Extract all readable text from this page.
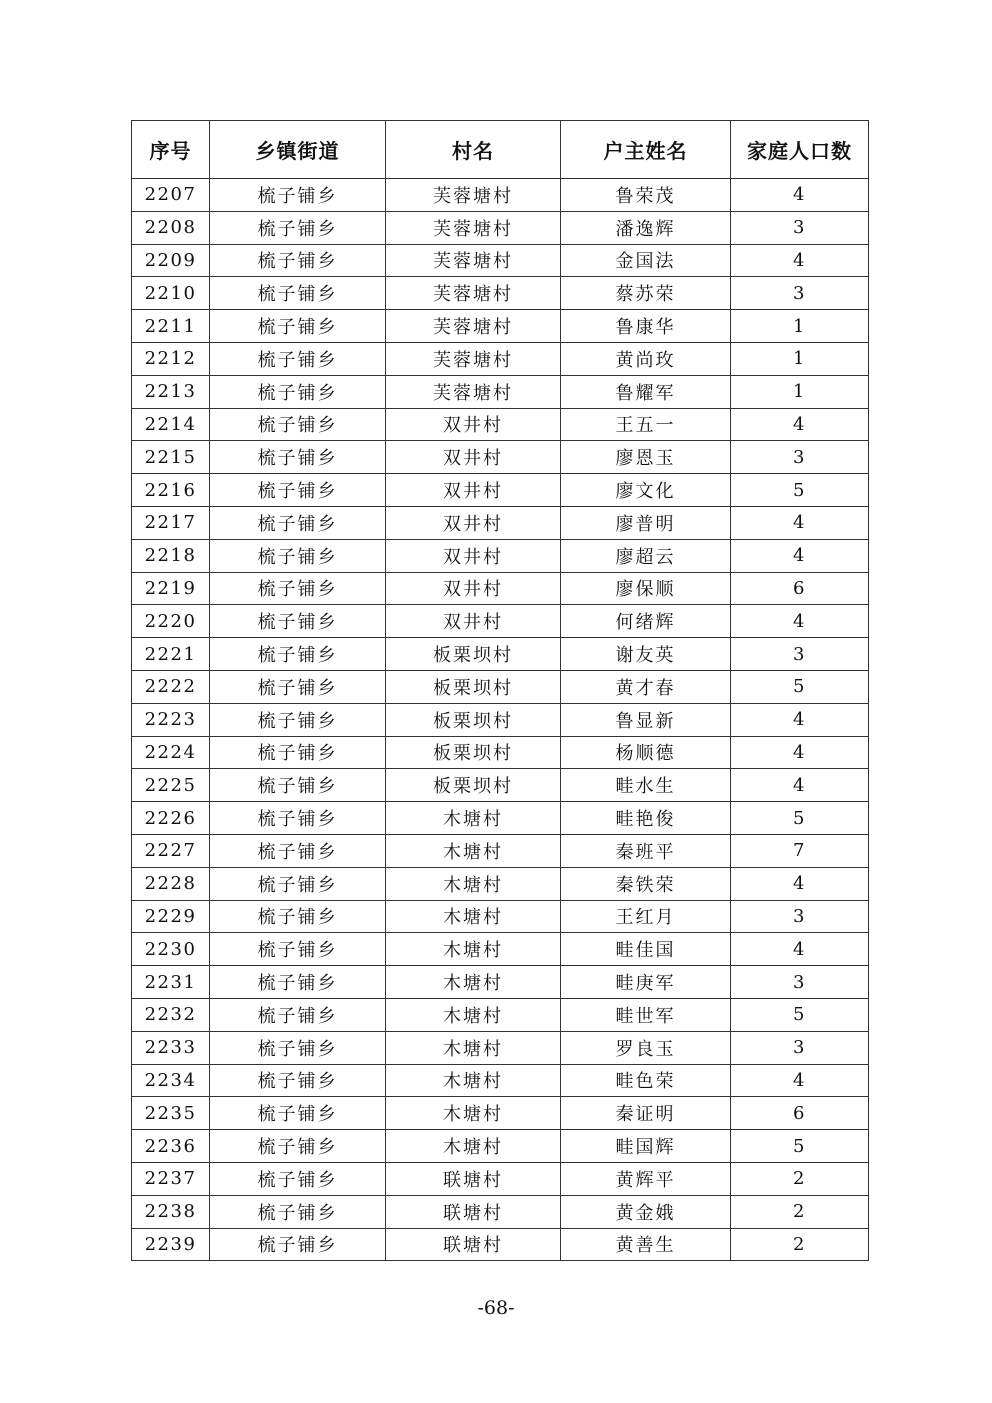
序号	乡镇街道	村名	户主姓名	家庭人口数
2207	梳子铺乡	芙蓉塘村	鲁荣茂	4
2208	梳子铺乡	芙蓉塘村	潘逸辉	3
2209	梳子铺乡	芙蓉塘村	金国法	4
2210	梳子铺乡	芙蓉塘村	蔡苏荣	3
2211	梳子铺乡	芙蓉塘村	鲁康华	1
2212	梳子铺乡	芙蓉塘村	黄尚玫	1
2213	梳子铺乡	芙蓉塘村	鲁耀军	1
2214	梳子铺乡	双井村	王五一	4
2215	梳子铺乡	双井村	廖恩玉	3
2216	梳子铺乡	双井村	廖文化	5
2217	梳子铺乡	双井村	廖普明	4
2218	梳子铺乡	双井村	廖超云	4
2219	梳子铺乡	双井村	廖保顺	6
2220	梳子铺乡	双井村	何绪辉	4
2221	梳子铺乡	板栗坝村	谢友英	3
2222	梳子铺乡	板栗坝村	黄才春	5
2223	梳子铺乡	板栗坝村	鲁显新	4
2224	梳子铺乡	板栗坝村	杨顺德	4
2225	梳子铺乡	板栗坝村	畦水生	4
2226	梳子铺乡	木塘村	畦艳俊	5
2227	梳子铺乡	木塘村	秦班平	7
2228	梳子铺乡	木塘村	秦铁荣	4
2229	梳子铺乡	木塘村	王红月	3
2230	梳子铺乡	木塘村	畦佳国	4
2231	梳子铺乡	木塘村	畦庚军	3
2232	梳子铺乡	木塘村	畦世军	5
2233	梳子铺乡	木塘村	罗良玉	3
2234	梳子铺乡	木塘村	畦色荣	4
2235	梳子铺乡	木塘村	秦证明	6
2236	梳子铺乡	木塘村	畦国辉	5
2237	梳子铺乡	联塘村	黄辉平	2
2238	梳子铺乡	联塘村	黄金娥	2
2239	梳子铺乡	联塘村	黄善生	2
-68-
